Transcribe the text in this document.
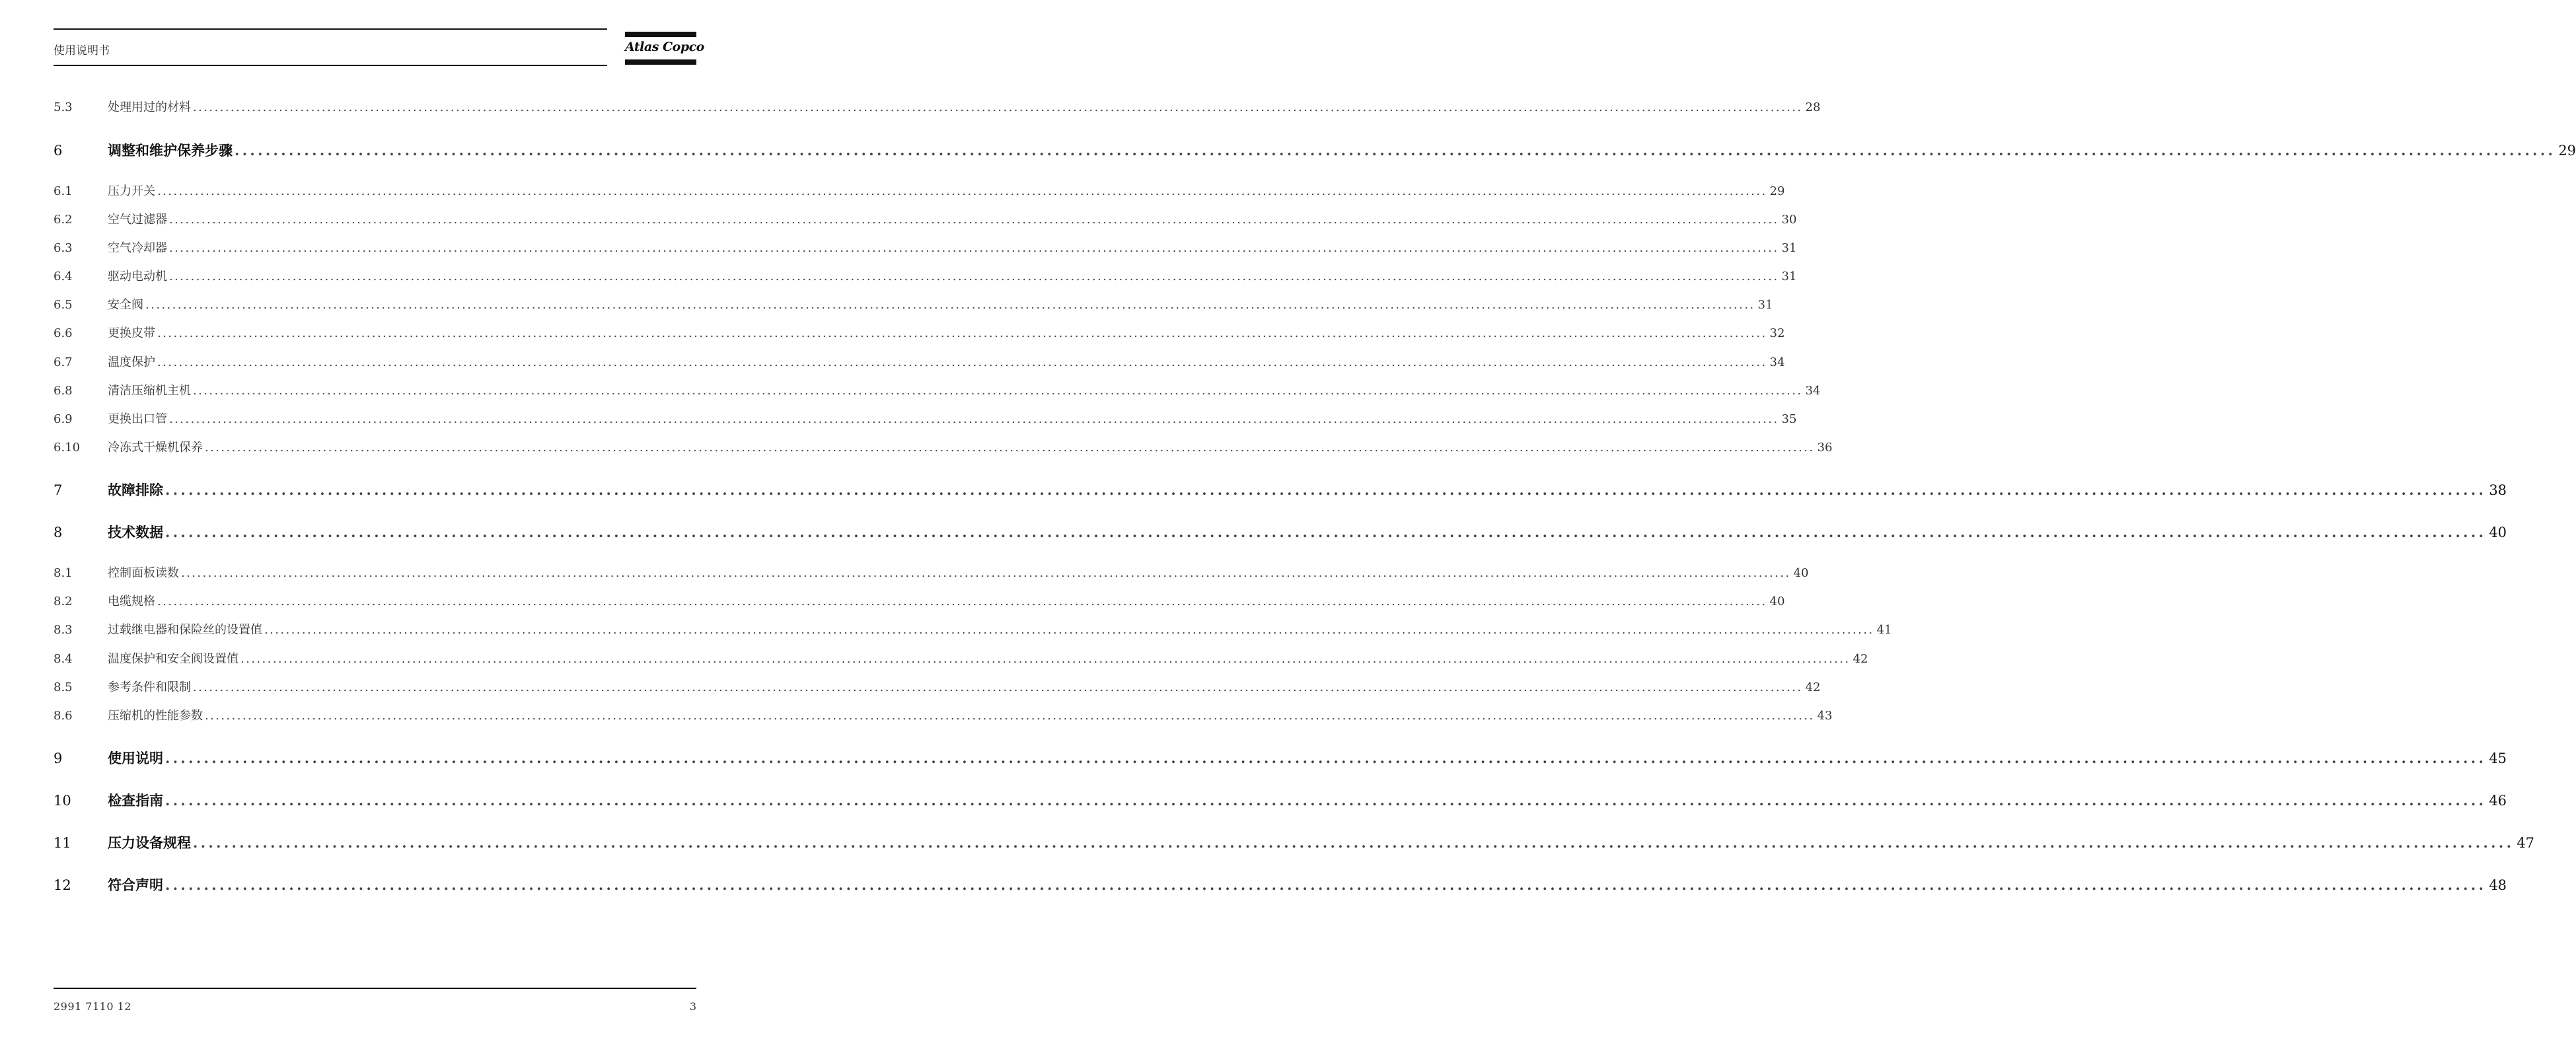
使用说明书	Atlas Copco
5.3	处理用过的材料 ............................................................................................................................................................................................................................................................................................................ 28
6	调整和维护保养步骤 ............................................................................................................................................................................................................................................................................................................ 29
6.1	压力开关 ............................................................................................................................................................................................................................................................................................................ 29
6.2	空气过滤器 ............................................................................................................................................................................................................................................................................................................ 30
6.3	空气冷却器 ............................................................................................................................................................................................................................................................................................................ 31
6.4	驱动电动机 ............................................................................................................................................................................................................................................................................................................ 31
6.5	安全阀 ............................................................................................................................................................................................................................................................................................................ 31
6.6	更换皮带 ............................................................................................................................................................................................................................................................................................................ 32
6.7	温度保护 ............................................................................................................................................................................................................................................................................................................ 34
6.8	清洁压缩机主机 ............................................................................................................................................................................................................................................................................................................ 34
6.9	更换出口管 ............................................................................................................................................................................................................................................................................................................ 35
6.10	冷冻式干燥机保养 ............................................................................................................................................................................................................................................................................................................ 36
7	故障排除 ............................................................................................................................................................................................................................................................................................................ 38
8	技术数据 ............................................................................................................................................................................................................................................................................................................ 40
8.1	控制面板读数 ............................................................................................................................................................................................................................................................................................................ 40
8.2	电缆规格 ............................................................................................................................................................................................................................................................................................................ 40
8.3	过载继电器和保险丝的设置值 ............................................................................................................................................................................................................................................................................................................ 41
8.4	温度保护和安全阀设置值 ............................................................................................................................................................................................................................................................................................................ 42
8.5	参考条件和限制 ............................................................................................................................................................................................................................................................................................................ 42
8.6	压缩机的性能参数 ............................................................................................................................................................................................................................................................................................................ 43
9	使用说明 ............................................................................................................................................................................................................................................................................................................ 45
10	检查指南 ............................................................................................................................................................................................................................................................................................................ 46
11	压力设备规程 ............................................................................................................................................................................................................................................................................................................ 47
12	符合声明 ............................................................................................................................................................................................................................................................................................................ 48
2991 7110 12	3
